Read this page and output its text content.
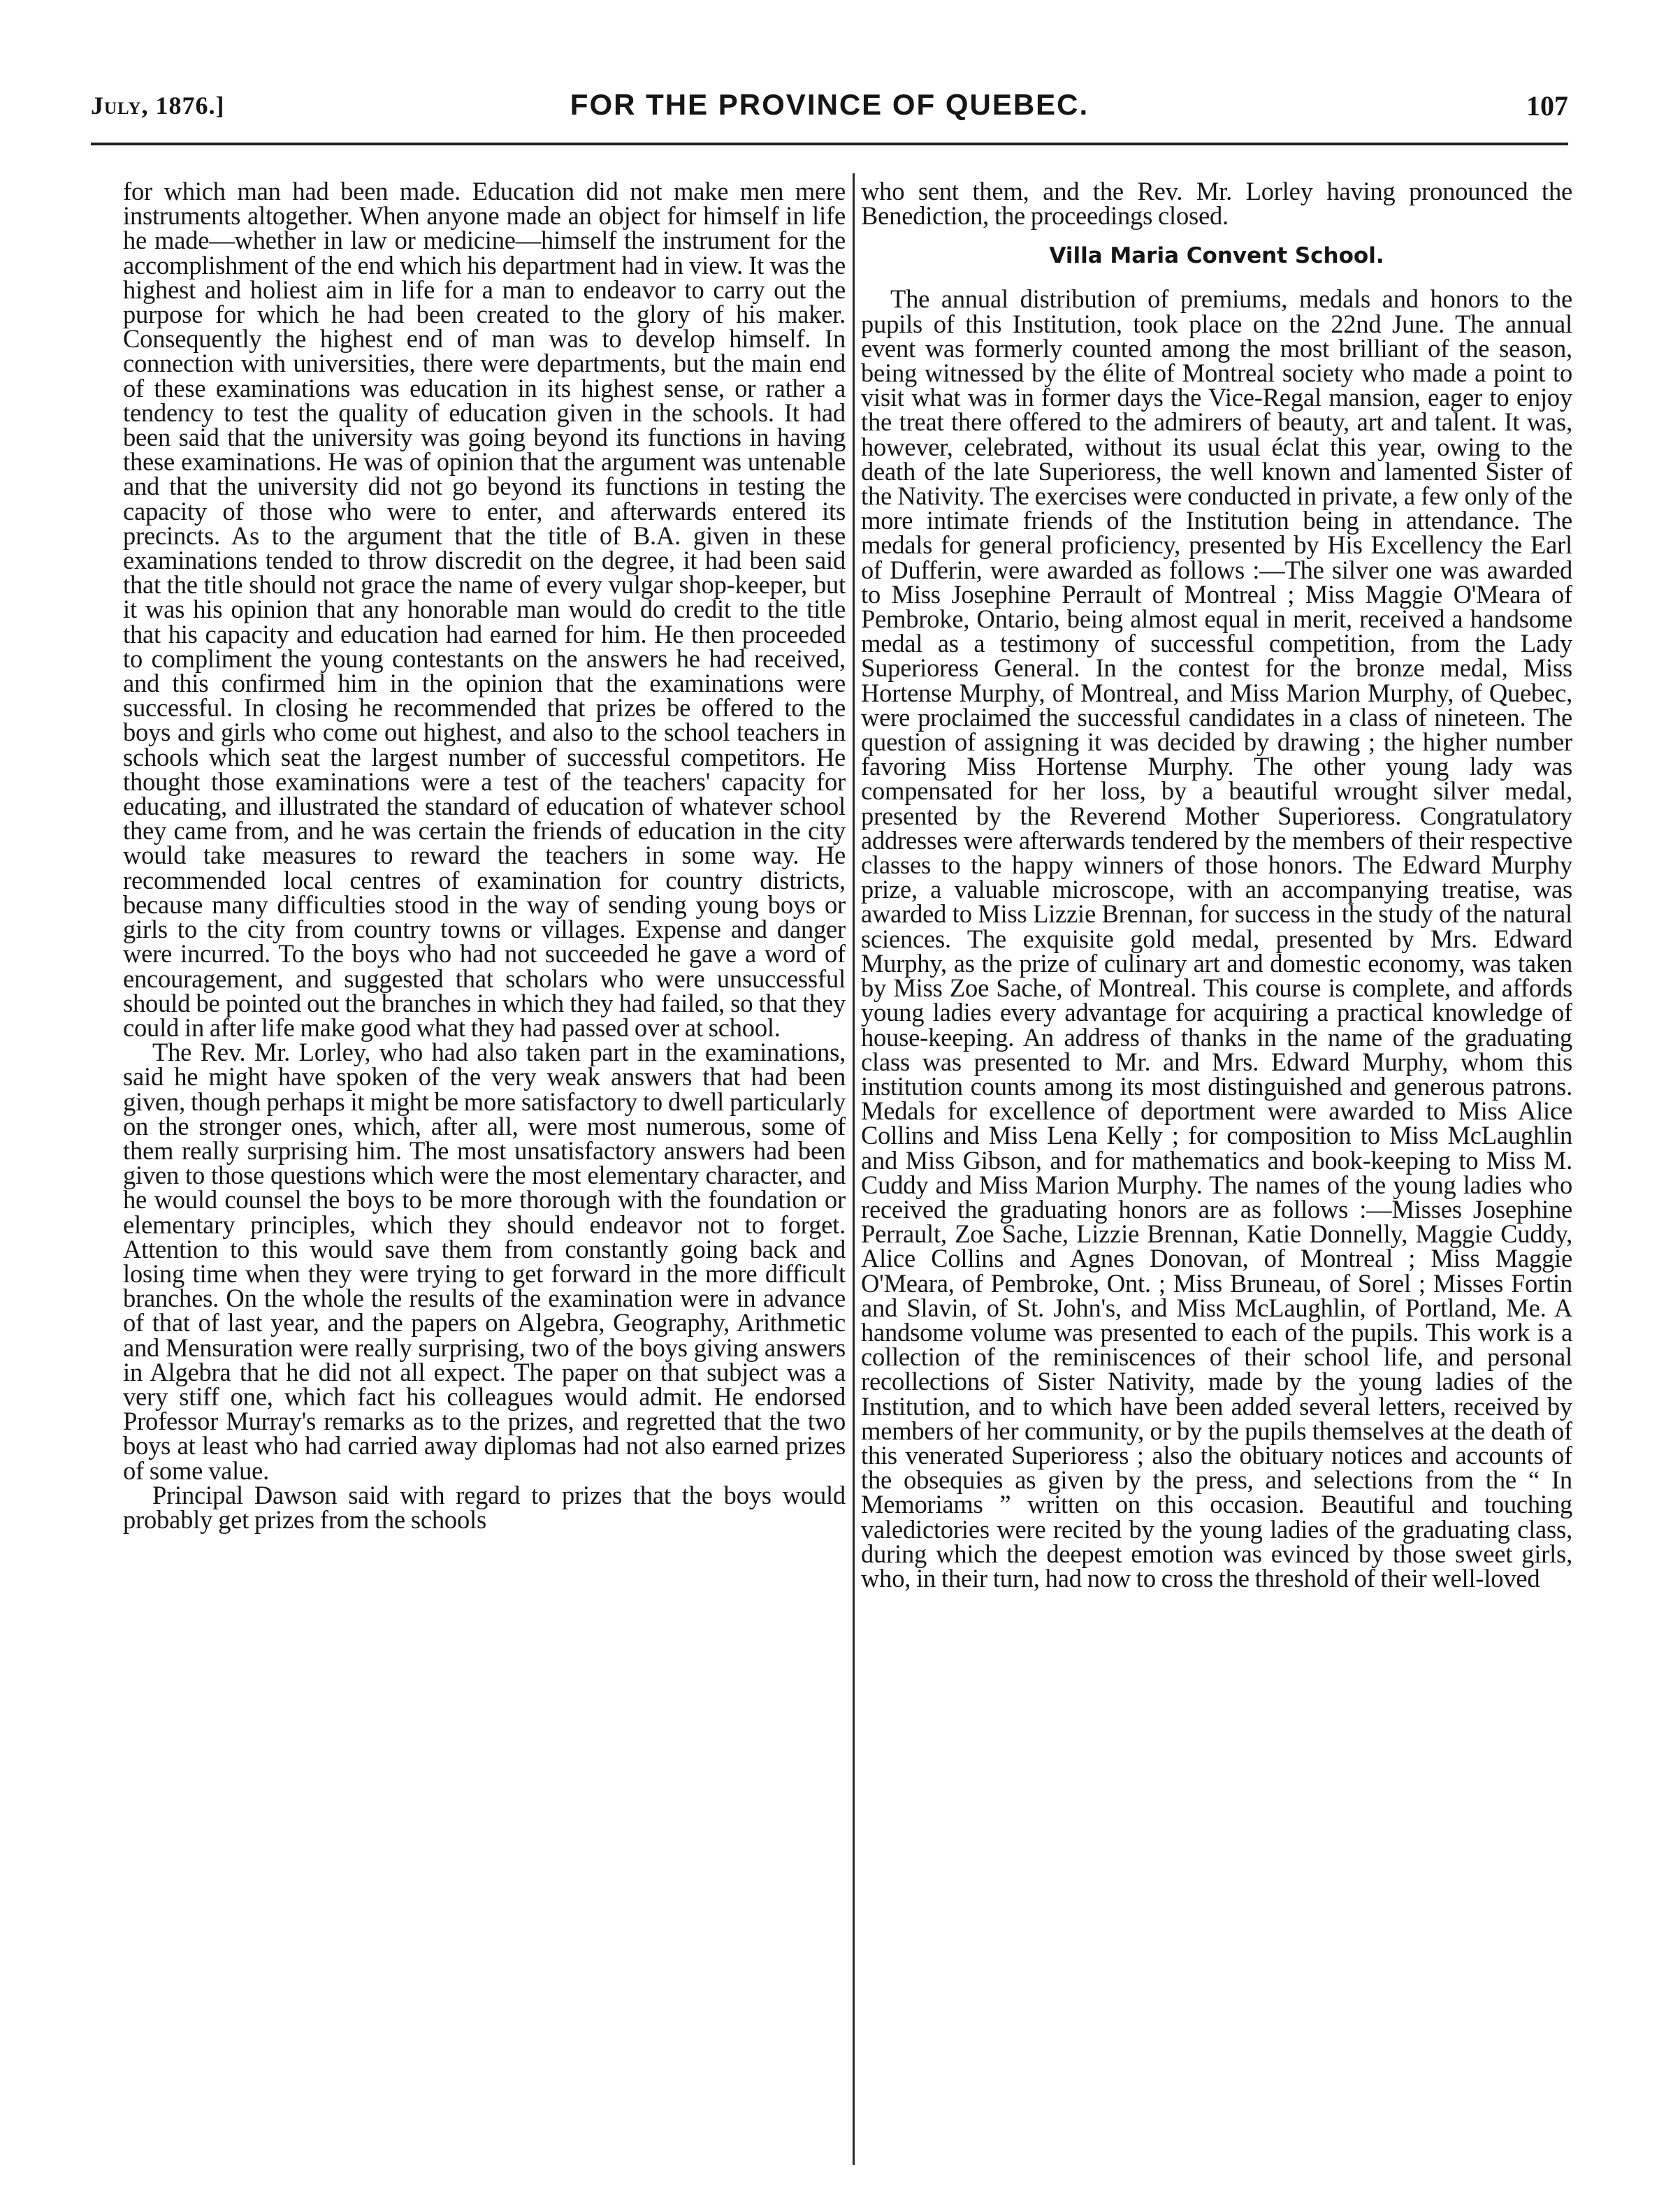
July, 1876.]	FOR THE PROVINCE OF QUEBEC.	107

for which man had been made. Education did not make men mere instruments altogether. When anyone made an object for himself in life he made—whether in law or medicine—himself the instrument for the accomplishment of the end which his department had in view. It was the highest and holiest aim in life for a man to endeavor to carry out the purpose for which he had been created to the glory of his maker. Consequently the highest end of man was to develop himself. In connection with universities, there were departments, but the main end of these examinations was education in its highest sense, or rather a tendency to test the quality of education given in the schools. It had been said that the university was going beyond its functions in having these examinations. He was of opinion that the argument was untenable and that the university did not go beyond its functions in testing the capacity of those who were to enter, and afterwards entered its precincts. As to the argument that the title of B.A. given in these examinations tended to throw discredit on the degree, it had been said that the title should not grace the name of every vulgar shop-keeper, but it was his opinion that any honorable man would do credit to the title that his capacity and education had earned for him. He then proceeded to compliment the young contestants on the answers he had received, and this confirmed him in the opinion that the examinations were successful. In closing he recommended that prizes be offered to the boys and girls who come out highest, and also to the school teachers in schools which seat the largest number of successful competitors. He thought those examinations were a test of the teachers' capacity for educating, and illustrated the standard of education of whatever school they came from, and he was certain the friends of education in the city would take measures to reward the teachers in some way. He recommended local centres of examination for country districts, because many difficulties stood in the way of sending young boys or girls to the city from country towns or villages. Expense and danger were incurred. To the boys who had not succeeded he gave a word of encouragement, and suggested that scholars who were unsuccessful should be pointed out the branches in which they had failed, so that they could in after life make good what they had passed over at school.

The Rev. Mr. Lorley, who had also taken part in the examinations, said he might have spoken of the very weak answers that had been given, though perhaps it might be more satisfactory to dwell particularly on the stronger ones, which, after all, were most numerous, some of them really surprising him. The most unsatisfactory answers had been given to those questions which were the most elementary character, and he would counsel the boys to be more thorough with the foundation or elementary principles, which they should endeavor not to forget. Attention to this would save them from constantly going back and losing time when they were trying to get forward in the more difficult branches. On the whole the results of the examination were in advance of that of last year, and the papers on Algebra, Geography, Arithmetic and Mensuration were really surprising, two of the boys giving answers in Algebra that he did not all expect. The paper on that subject was a very stiff one, which fact his colleagues would admit. He endorsed Professor Murray's remarks as to the prizes, and regretted that the two boys at least who had carried away diplomas had not also earned prizes of some value.

Principal Dawson said with regard to prizes that the boys would probably get prizes from the schools

who sent them, and the Rev. Mr. Lorley having pronounced the Benediction, the proceedings closed.

Villa Maria Convent School.

The annual distribution of premiums, medals and honors to the pupils of this Institution, took place on the 22nd June. The annual event was formerly counted among the most brilliant of the season, being witnessed by the élite of Montreal society who made a point to visit what was in former days the Vice-Regal mansion, eager to enjoy the treat there offered to the admirers of beauty, art and talent. It was, however, celebrated, without its usual éclat this year, owing to the death of the late Superioress, the well known and lamented Sister of the Nativity. The exercises were conducted in private, a few only of the more intimate friends of the Institution being in attendance. The medals for general proficiency, presented by His Excellency the Earl of Dufferin, were awarded as follows :—The silver one was awarded to Miss Josephine Perrault of Montreal ; Miss Maggie O'Meara of Pembroke, Ontario, being almost equal in merit, received a handsome medal as a testimony of successful competition, from the Lady Superioress General. In the contest for the bronze medal, Miss Hortense Murphy, of Montreal, and Miss Marion Murphy, of Quebec, were proclaimed the successful candidates in a class of nineteen. The question of assigning it was decided by drawing ; the higher number favoring Miss Hortense Murphy. The other young lady was compensated for her loss, by a beautiful wrought silver medal, presented by the Reverend Mother Superioress. Congratulatory addresses were afterwards tendered by the members of their respective classes to the happy winners of those honors. The Edward Murphy prize, a valuable microscope, with an accompanying treatise, was awarded to Miss Lizzie Brennan, for success in the study of the natural sciences. The exquisite gold medal, presented by Mrs. Edward Murphy, as the prize of culinary art and domestic economy, was taken by Miss Zoe Sache, of Montreal. This course is complete, and affords young ladies every advantage for acquiring a practical knowledge of house-keeping. An address of thanks in the name of the graduating class was presented to Mr. and Mrs. Edward Murphy, whom this institution counts among its most distinguished and generous patrons. Medals for excellence of deportment were awarded to Miss Alice Collins and Miss Lena Kelly ; for composition to Miss McLaughlin and Miss Gibson, and for mathematics and book-keeping to Miss M. Cuddy and Miss Marion Murphy. The names of the young ladies who received the graduating honors are as follows :—Misses Josephine Perrault, Zoe Sache, Lizzie Brennan, Katie Donnelly, Maggie Cuddy, Alice Collins and Agnes Donovan, of Montreal ; Miss Maggie O'Meara, of Pembroke, Ont. ; Miss Bruneau, of Sorel ; Misses Fortin and Slavin, of St. John's, and Miss McLaughlin, of Portland, Me. A handsome volume was presented to each of the pupils. This work is a collection of the reminiscences of their school life, and personal recollections of Sister Nativity, made by the young ladies of the Institution, and to which have been added several letters, received by members of her community, or by the pupils themselves at the death of this venerated Superioress ; also the obituary notices and accounts of the obsequies as given by the press, and selections from the “ In Memoriams ” written on this occasion. Beautiful and touching valedictories were recited by the young ladies of the graduating class, during which the deepest emotion was evinced by those sweet girls, who, in their turn, had now to cross the threshold of their well-loved
